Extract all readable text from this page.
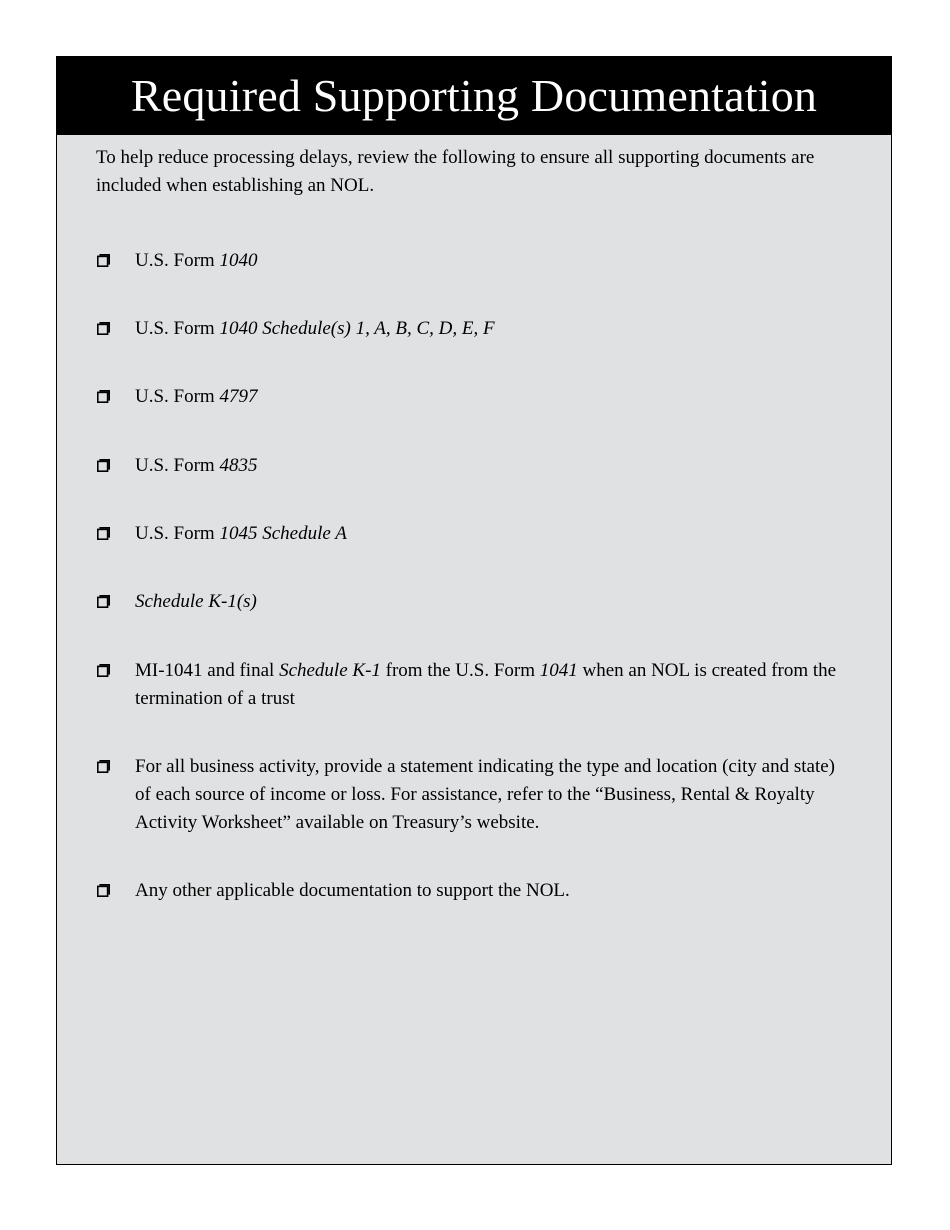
Required Supporting Documentation

To help reduce processing delays, review the following to ensure all supporting documents are included when establishing an NOL.

U.S. Form 1040
U.S. Form 1040 Schedule(s) 1, A, B, C, D, E, F
U.S. Form 4797
U.S. Form 4835
U.S. Form 1045 Schedule A
Schedule K-1(s)
MI-1041 and final Schedule K-1 from the U.S. Form 1041 when an NOL is created from the termination of a trust
For all business activity, provide a statement indicating the type and location (city and state) of each source of income or loss. For assistance, refer to the “Business, Rental & Royalty Activity Worksheet” available on Treasury’s website.
Any other applicable documentation to support the NOL.
